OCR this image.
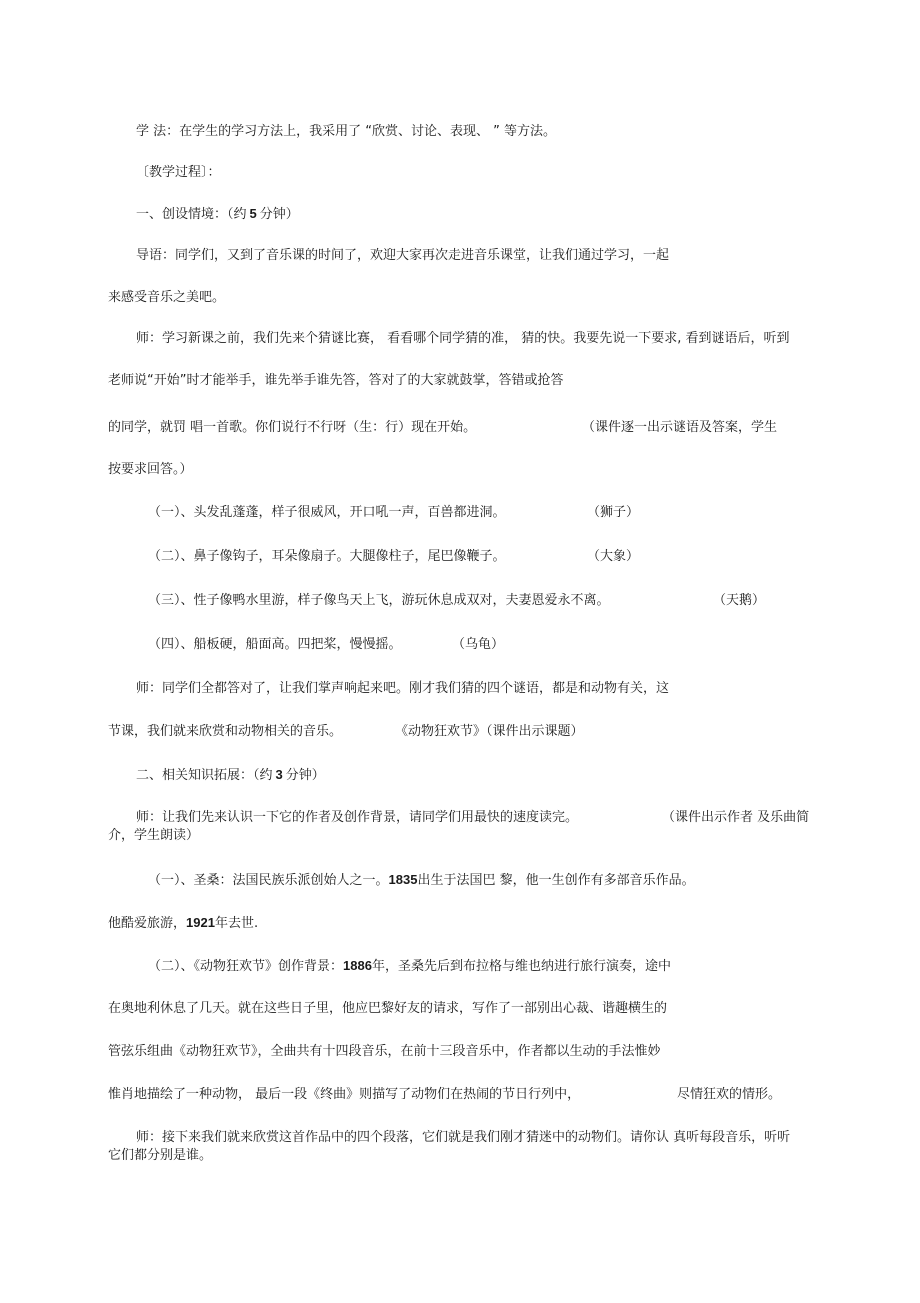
学 法：在学生的学习方法上，我采用了 “欣赏、讨论、表现、 ” 等方法。
〔教学过程〕：
一、创设情境：（约 5 分钟）
导语：同学们，又到了音乐课的时间了，欢迎大家再次走进音乐课堂，让我们通过学习，一起
来感受音乐之美吧。
师：学习新课之前，我们先来个猜谜比赛， 看看哪个同学猜的准， 猜的快。我要先说一下要求, 看到谜语后，听到
老师说“开始”时才能举手，谁先举手谁先答，答对了的大家就鼓掌，答错或抢答
的同学，就罚 唱一首歌。你们说行不行呀（生：行）现在开始。	（课件逐一出示谜语及答案，学生
按要求回答。）
（一）、头发乱蓬蓬，样子很威风，开口吼一声，百兽都进洞。	（狮子）
（二）、鼻子像钩子，耳朵像扇子。大腿像柱子，尾巴像鞭子。	（大象）
（三）、性子像鸭水里游，样子像鸟天上飞，游玩休息成双对，夫妻恩爱永不离。	（天鹅）
（四）、船板硬，船面高。四把桨，慢慢摇。	（乌龟）
师：同学们全都答对了，让我们掌声响起来吧。刚才我们猜的四个谜语，都是和动物有关，这
节课，我们就来欣赏和动物相关的音乐。	《动物狂欢节》（课件出示课题）
二、相关知识拓展：（约 3 分钟）
师：让我们先来认识一下它的作者及创作背景，请同学们用最快的速度读完。	（课件出示作者 及乐曲简
介，学生朗读）
（一）、圣桑：法国民族乐派创始人之一。1835出生于法国巴 黎，他一生创作有多部音乐作品。
他酷爱旅游，1921年去世.
（二）、《动物狂欢节》创作背景：1886年，圣桑先后到布拉格与维也纳进行旅行演奏，途中
在奥地利休息了几天。就在这些日子里，他应巴黎好友的请求，写作了一部别出心裁、谐趣横生的
管弦乐组曲《动物狂欢节》，全曲共有十四段音乐，在前十三段音乐中，作者都以生动的手法惟妙
惟肖地描绘了一种动物， 最后一段《终曲》则描写了动物们在热闹的节日行列中，	尽情狂欢的情形。
师：接下来我们就来欣赏这首作品中的四个段落，它们就是我们刚才猜迷中的动物们。请你认 真听每段音乐，听听
它们都分别是谁。
